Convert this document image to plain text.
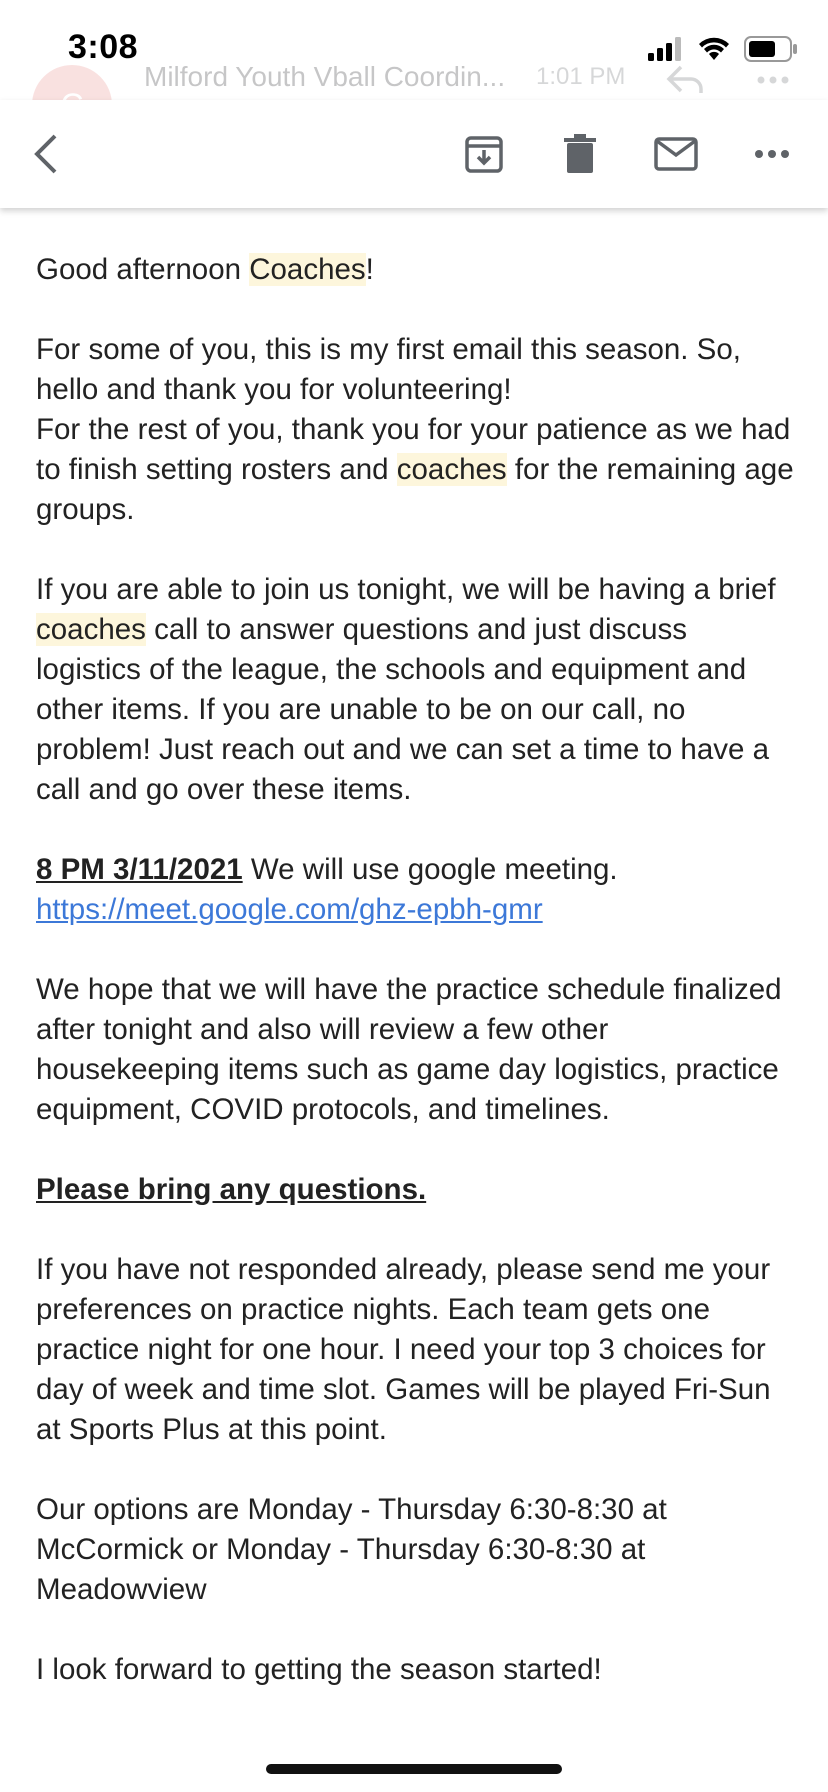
3:08
Milford Youth Vball Coordin... 1:01 PM

Good afternoon Coaches!

For some of you, this is my first email this season. So, hello and thank you for volunteering!
For the rest of you, thank you for your patience as we had to finish setting rosters and coaches for the remaining age groups.

If you are able to join us tonight, we will be having a brief coaches call to answer questions and just discuss logistics of the league, the schools and equipment and other items. If you are unable to be on our call, no problem! Just reach out and we can set a time to have a call and go over these items.

8 PM 3/11/2021 We will use google meeting. https://meet.google.com/ghz-epbh-gmr

We hope that we will have the practice schedule finalized after tonight and also will review a few other housekeeping items such as game day logistics, practice equipment, COVID protocols, and timelines.

Please bring any questions.

If you have not responded already, please send me your preferences on practice nights. Each team gets one practice night for one hour. I need your top 3 choices for day of week and time slot. Games will be played Fri-Sun at Sports Plus at this point.

Our options are Monday - Thursday 6:30-8:30 at McCormick or Monday - Thursday 6:30-8:30 at Meadowview

I look forward to getting the season started!
